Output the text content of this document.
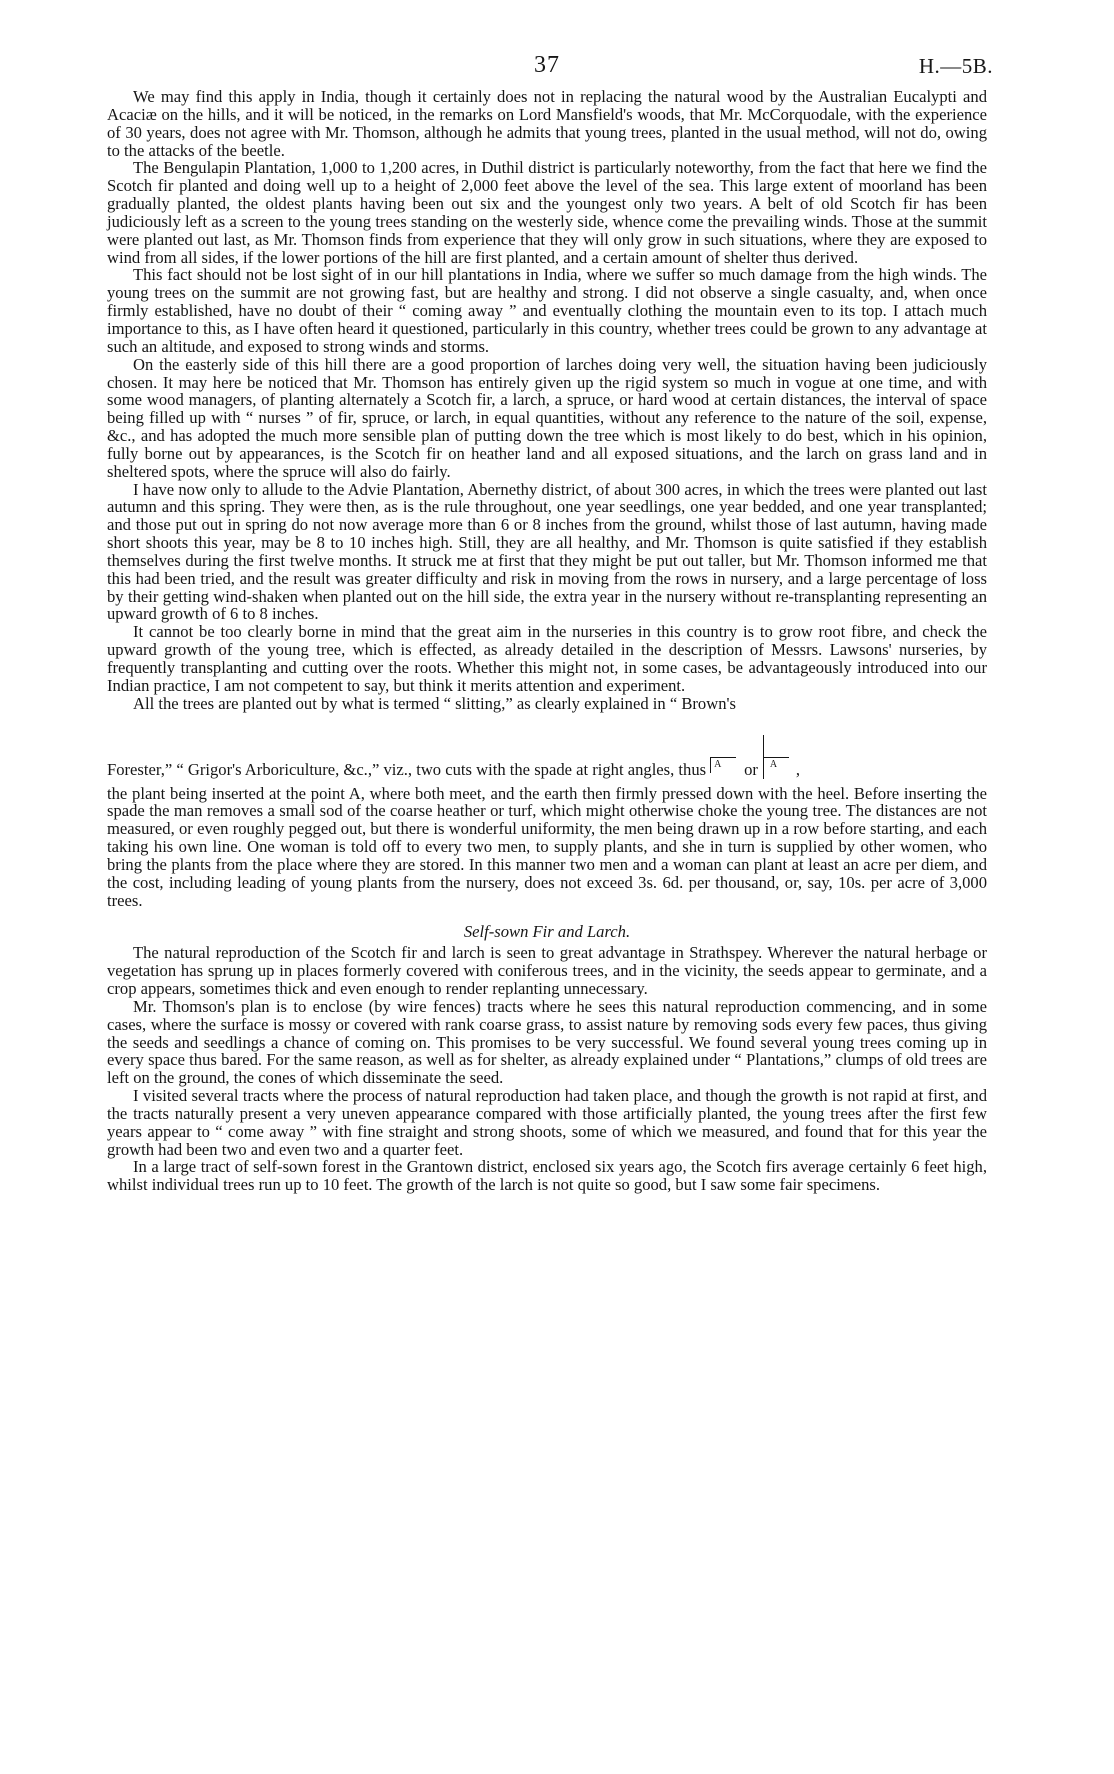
37	H.—5B.

We may find this apply in India, though it certainly does not in replacing the natural wood by the Australian Eucalypti and Acaciæ on the hills, and it will be noticed, in the remarks on Lord Mansfield's woods, that Mr. McCorquodale, with the experience of 30 years, does not agree with Mr. Thomson, although he admits that young trees, planted in the usual method, will not do, owing to the attacks of the beetle.

The Bengulapin Plantation, 1,000 to 1,200 acres, in Duthil district is particularly noteworthy, from the fact that here we find the Scotch fir planted and doing well up to a height of 2,000 feet above the level of the sea. This large extent of moorland has been gradually planted, the oldest plants having been out six and the youngest only two years. A belt of old Scotch fir has been judiciously left as a screen to the young trees standing on the westerly side, whence come the prevailing winds. Those at the summit were planted out last, as Mr. Thomson finds from experience that they will only grow in such situations, where they are exposed to wind from all sides, if the lower portions of the hill are first planted, and a certain amount of shelter thus derived.

This fact should not be lost sight of in our hill plantations in India, where we suffer so much damage from the high winds. The young trees on the summit are not growing fast, but are healthy and strong. I did not observe a single casualty, and, when once firmly established, have no doubt of their “ coming away ” and eventually clothing the mountain even to its top. I attach much importance to this, as I have often heard it questioned, particularly in this country, whether trees could be grown to any advantage at such an altitude, and exposed to strong winds and storms.

On the easterly side of this hill there are a good proportion of larches doing very well, the situation having been judiciously chosen. It may here be noticed that Mr. Thomson has entirely given up the rigid system so much in vogue at one time, and with some wood managers, of planting alternately a Scotch fir, a larch, a spruce, or hard wood at certain distances, the interval of space being filled up with “ nurses ” of fir, spruce, or larch, in equal quantities, without any reference to the nature of the soil, expense, &c., and has adopted the much more sensible plan of putting down the tree which is most likely to do best, which in his opinion, fully borne out by appearances, is the Scotch fir on heather land and all exposed situations, and the larch on grass land and in sheltered spots, where the spruce will also do fairly.

I have now only to allude to the Advie Plantation, Abernethy district, of about 300 acres, in which the trees were planted out last autumn and this spring. They were then, as is the rule throughout, one year seedlings, one year bedded, and one year transplanted; and those put out in spring do not now average more than 6 or 8 inches from the ground, whilst those of last autumn, having made short shoots this year, may be 8 to 10 inches high. Still, they are all healthy, and Mr. Thomson is quite satisfied if they establish themselves during the first twelve months. It struck me at first that they might be put out taller, but Mr. Thomson informed me that this had been tried, and the result was greater difficulty and risk in moving from the rows in nursery, and a large percentage of loss by their getting wind-shaken when planted out on the hill side, the extra year in the nursery without re-transplanting representing an upward growth of 6 to 8 inches.

It cannot be too clearly borne in mind that the great aim in the nurseries in this country is to grow root fibre, and check the upward growth of the young tree, which is effected, as already detailed in the description of Messrs. Lawsons' nurseries, by frequently transplanting and cutting over the roots. Whether this might not, in some cases, be advantageously introduced into our Indian practice, I am not competent to say, but think it merits attention and experiment.

All the trees are planted out by what is termed “ slitting,” as clearly explained in “ Brown's

Forester,” “ Grigor's Arboriculture, &c.,” viz., two cuts with the spade at right angles, thus A or A ,

the plant being inserted at the point A, where both meet, and the earth then firmly pressed down with the heel. Before inserting the spade the man removes a small sod of the coarse heather or turf, which might otherwise choke the young tree. The distances are not measured, or even roughly pegged out, but there is wonderful uniformity, the men being drawn up in a row before starting, and each taking his own line. One woman is told off to every two men, to supply plants, and she in turn is supplied by other women, who bring the plants from the place where they are stored. In this manner two men and a woman can plant at least an acre per diem, and the cost, including leading of young plants from the nursery, does not exceed 3s. 6d. per thousand, or, say, 10s. per acre of 3,000 trees.

Self-sown Fir and Larch.

The natural reproduction of the Scotch fir and larch is seen to great advantage in Strathspey. Wherever the natural herbage or vegetation has sprung up in places formerly covered with coniferous trees, and in the vicinity, the seeds appear to germinate, and a crop appears, sometimes thick and even enough to render replanting unnecessary.

Mr. Thomson's plan is to enclose (by wire fences) tracts where he sees this natural reproduction commencing, and in some cases, where the surface is mossy or covered with rank coarse grass, to assist nature by removing sods every few paces, thus giving the seeds and seedlings a chance of coming on. This promises to be very successful. We found several young trees coming up in every space thus bared. For the same reason, as well as for shelter, as already explained under “ Plantations,” clumps of old trees are left on the ground, the cones of which disseminate the seed.

I visited several tracts where the process of natural reproduction had taken place, and though the growth is not rapid at first, and the tracts naturally present a very uneven appearance compared with those artificially planted, the young trees after the first few years appear to “ come away ” with fine straight and strong shoots, some of which we measured, and found that for this year the growth had been two and even two and a quarter feet.

In a large tract of self-sown forest in the Grantown district, enclosed six years ago, the Scotch firs average certainly 6 feet high, whilst individual trees run up to 10 feet. The growth of the larch is not quite so good, but I saw some fair specimens.
